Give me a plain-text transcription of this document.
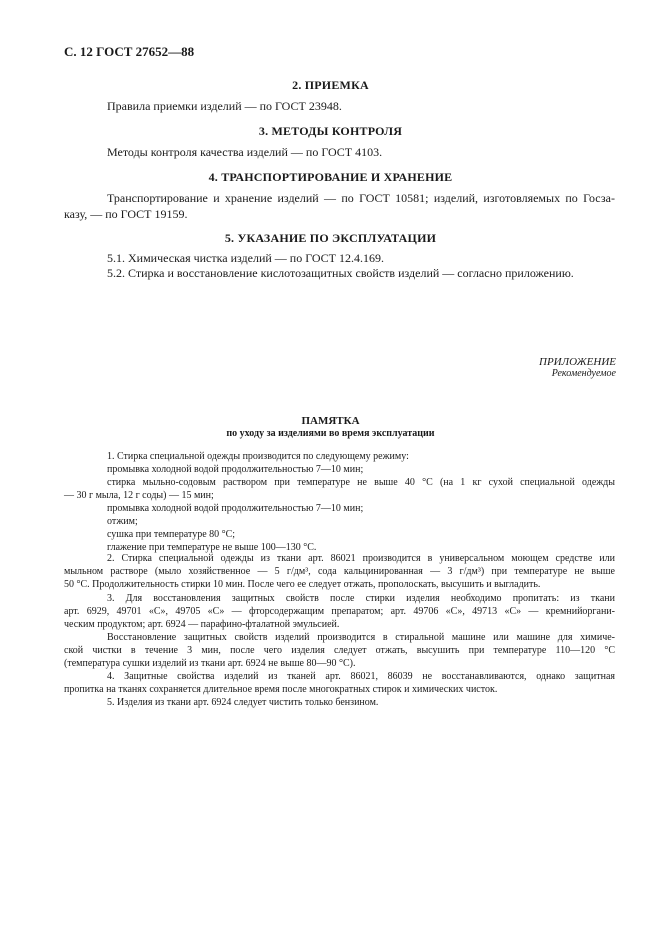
С. 12 ГОСТ 27652—88
2. ПРИЕМКА
Правила приемки изделий — по ГОСТ 23948.
3. МЕТОДЫ КОНТРОЛЯ
Методы контроля качества изделий — по ГОСТ 4103.
4. ТРАНСПОРТИРОВАНИЕ И ХРАНЕНИЕ
Транспортирование и хранение изделий — по ГОСТ 10581; изделий, изготовляемых по Госза-
казу, — по ГОСТ 19159.
5. УКАЗАНИЕ ПО ЭКСПЛУАТАЦИИ
5.1. Химическая чистка изделий — по ГОСТ 12.4.169.
5.2. Стирка и восстановление кислотозащитных свойств изделий — согласно приложению.
ПРИЛОЖЕНИЕ
Рекомендуемое
ПАМЯТКА
по уходу за изделиями во время эксплуатации
1. Стирка специальной одежды производится по следующему режиму:
промывка холодной водой продолжительностью 7—10 мин;
стирка мыльно-содовым раствором при температуре не выше 40 °С (на 1 кг сухой специальной одежды
— 30 г мыла, 12 г соды) — 15 мин;
промывка холодной водой продолжительностью 7—10 мин;
отжим;
сушка при температуре 80 °С;
глажение при температуре не выше 100—130 °С.
2. Стирка специальной одежды из ткани арт. 86021 производится в универсальном моющем средстве или
мыльном растворе (мыло хозяйственное — 5 г/дм³, сода кальцинированная — 3 г/дм³) при температуре не выше
50 °С. Продолжительность стирки 10 мин. После чего ее следует отжать, прополоскать, высушить и выгладить.
3. Для восстановления защитных свойств после стирки изделия необходимо пропитать: из ткани
арт. 6929, 49701 «С», 49705 «С» — фторсодержащим препаратом; арт. 49706 «С», 49713 «С» — кремнийоргани-
ческим продуктом; арт. 6924 — парафино-фталатной эмульсией.
Восстановление защитных свойств изделий производится в стиральной машине или машине для химиче-
ской чистки в течение 3 мин, после чего изделия следует отжать, высушить при температуре 110—120 °С
(температура сушки изделий из ткани арт. 6924 не выше 80—90 °С).
4. Защитные свойства изделий из тканей арт. 86021, 86039 не восстанавливаются, однако защитная
пропитка на тканях сохраняется длительное время после многократных стирок и химических чисток.
5. Изделия из ткани арт. 6924 следует чистить только бензином.
